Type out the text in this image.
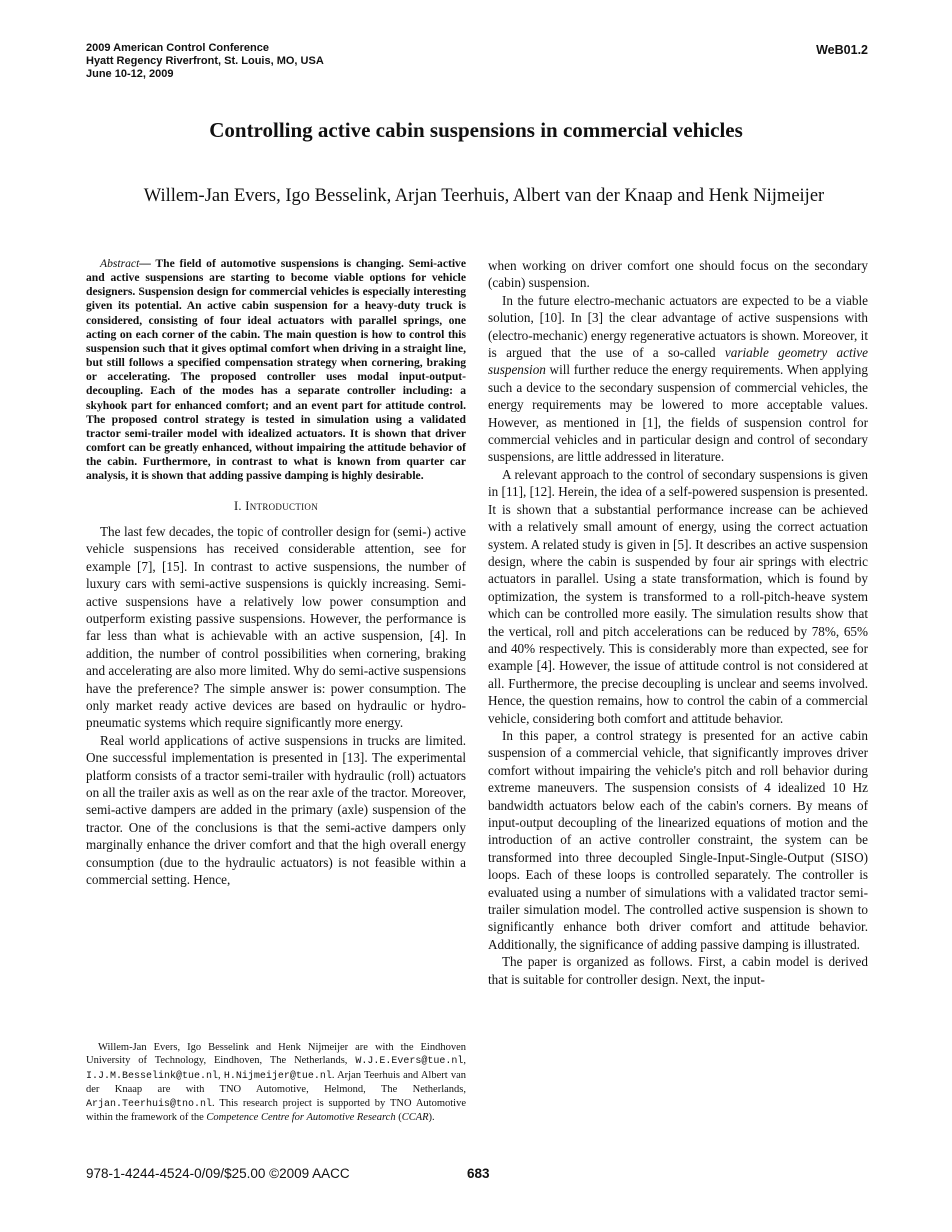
2009 American Control Conference
Hyatt Regency Riverfront, St. Louis, MO, USA
June 10-12, 2009
WeB01.2
Controlling active cabin suspensions in commercial vehicles
Willem-Jan Evers, Igo Besselink, Arjan Teerhuis, Albert van der Knaap and Henk Nijmeijer

Abstract— The field of automotive suspensions is changing. Semi-active and active suspensions are starting to become viable options for vehicle designers. Suspension design for commercial vehicles is especially interesting given its potential. An active cabin suspension for a heavy-duty truck is considered, consisting of four ideal actuators with parallel springs, one acting on each corner of the cabin. The main question is how to control this suspension such that it gives optimal comfort when driving in a straight line, but still follows a specified compensation strategy when cornering, braking or accelerating. The proposed controller uses modal input-output-decoupling. Each of the modes has a separate controller including: a skyhook part for enhanced comfort; and an event part for attitude control. The proposed control strategy is tested in simulation using a validated tractor semi-trailer model with idealized actuators. It is shown that driver comfort can be greatly enhanced, without impairing the attitude behavior of the cabin. Furthermore, in contrast to what is known from quarter car analysis, it is shown that adding passive damping is highly desirable.

I. Introduction

The last few decades, the topic of controller design for (semi-) active vehicle suspensions has received considerable attention, see for example [7], [15]. In contrast to active suspensions, the number of luxury cars with semi-active suspensions is quickly increasing. Semi-active suspensions have a relatively low power consumption and outperform existing passive suspensions. However, the performance is far less than what is achievable with an active suspension, [4]. In addition, the number of control possibilities when cornering, braking and accelerating are also more limited. Why do semi-active suspensions have the preference? The simple answer is: power consumption. The only market ready active devices are based on hydraulic or hydro-pneumatic systems which require significantly more energy.

Real world applications of active suspensions in trucks are limited. One successful implementation is presented in [13]. The experimental platform consists of a tractor semi-trailer with hydraulic (roll) actuators on all the trailer axis as well as on the rear axle of the tractor. Moreover, semi-active dampers are added in the primary (axle) suspension of the tractor. One of the conclusions is that the semi-active dampers only marginally enhance the driver comfort and that the high overall energy consumption (due to the hydraulic actuators) is not feasible within a commercial setting. Hence,

Willem-Jan Evers, Igo Besselink and Henk Nijmeijer are with the Eindhoven University of Technology, Eindhoven, The Netherlands, W.J.E.Evers@tue.nl, I.J.M.Besselink@tue.nl, H.Nijmeijer@tue.nl. Arjan Teerhuis and Albert van der Knaap are with TNO Automotive, Helmond, The Netherlands, Arjan.Teerhuis@tno.nl. This research project is supported by TNO Automotive within the framework of the Competence Centre for Automotive Research (CCAR).

when working on driver comfort one should focus on the secondary (cabin) suspension.

In the future electro-mechanic actuators are expected to be a viable solution, [10]. In [3] the clear advantage of active suspensions with (electro-mechanic) energy regenerative actuators is shown. Moreover, it is argued that the use of a so-called variable geometry active suspension will further reduce the energy requirements. When applying such a device to the secondary suspension of commercial vehicles, the energy requirements may be lowered to more acceptable values. However, as mentioned in [1], the fields of suspension control for commercial vehicles and in particular design and control of secondary suspensions, are little addressed in literature.

A relevant approach to the control of secondary suspensions is given in [11], [12]. Herein, the idea of a self-powered suspension is presented. It is shown that a substantial performance increase can be achieved with a relatively small amount of energy, using the correct actuation system. A related study is given in [5]. It describes an active suspension design, where the cabin is suspended by four air springs with electric actuators in parallel. Using a state transformation, which is found by optimization, the system is transformed to a roll-pitch-heave system which can be controlled more easily. The simulation results show that the vertical, roll and pitch accelerations can be reduced by 78%, 65% and 40% respectively. This is considerably more than expected, see for example [4]. However, the issue of attitude control is not considered at all. Furthermore, the precise decoupling is unclear and seems involved. Hence, the question remains, how to control the cabin of a commercial vehicle, considering both comfort and attitude behavior.

In this paper, a control strategy is presented for an active cabin suspension of a commercial vehicle, that significantly improves driver comfort without impairing the vehicle's pitch and roll behavior during extreme maneuvers. The suspension consists of 4 idealized 10 Hz bandwidth actuators below each of the cabin's corners. By means of input-output decoupling of the linearized equations of motion and the introduction of an active controller constraint, the system can be transformed into three decoupled Single-Input-Single-Output (SISO) loops. Each of these loops is controlled separately. The controller is evaluated using a number of simulations with a validated tractor semi-trailer simulation model. The controlled active suspension is shown to significantly enhance both driver comfort and attitude behavior. Additionally, the significance of adding passive damping is illustrated.

The paper is organized as follows. First, a cabin model is derived that is suitable for controller design. Next, the input-

978-1-4244-4524-0/09/$25.00 ©2009 AACC	683
